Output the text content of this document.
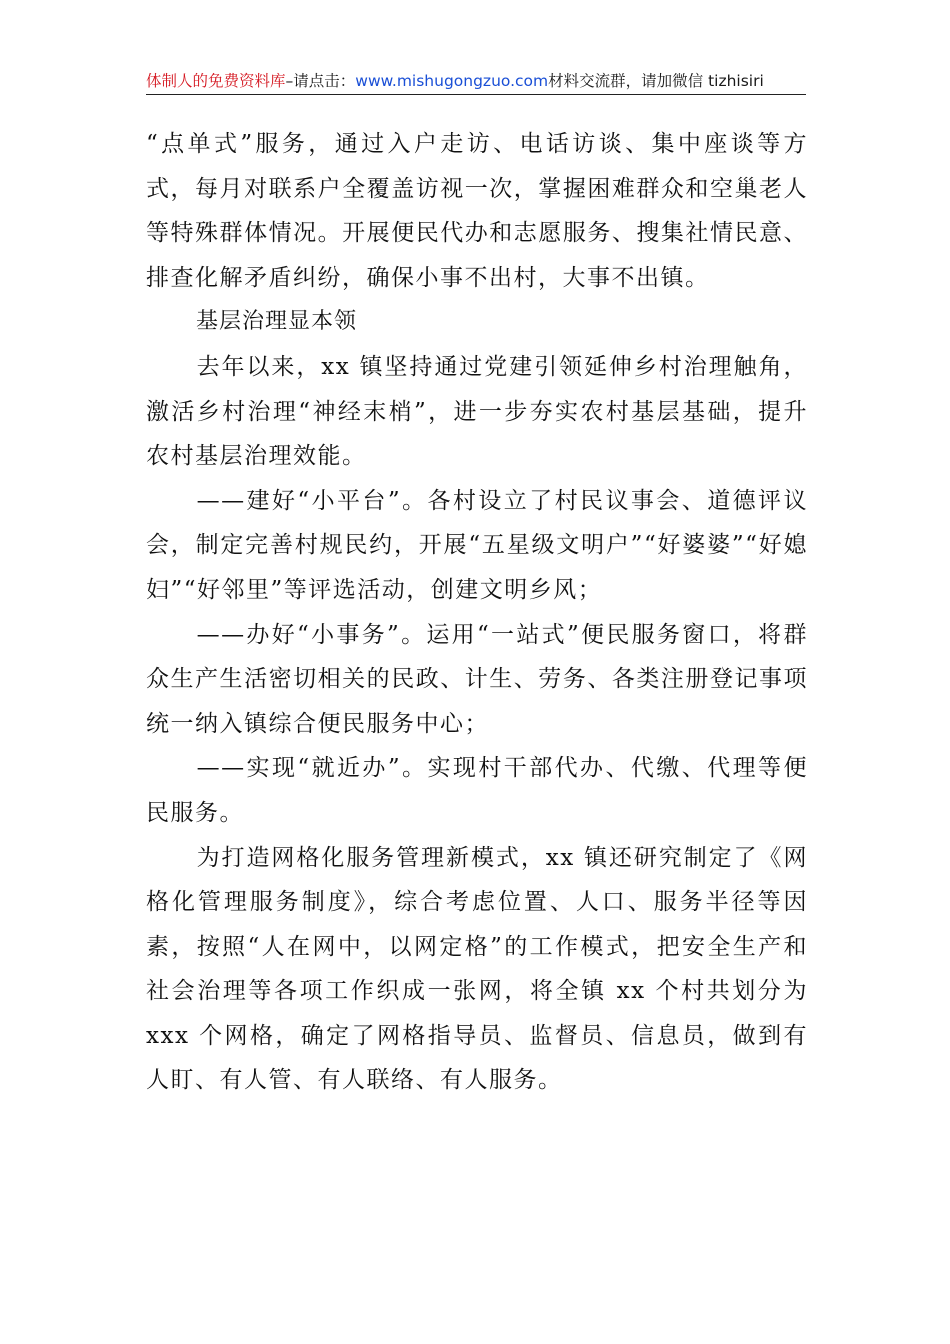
体制人的免费资料库–请点击：www.mishugongzuo.com材料交流群，请加微信 tizhisiri

“点单式”服务，通过入户走访、电话访谈、集中座谈等方式，每月对联系户全覆盖访视一次，掌握困难群众和空巢老人等特殊群体情况。开展便民代办和志愿服务、搜集社情民意、排查化解矛盾纠纷，确保小事不出村，大事不出镇。

基层治理显本领

去年以来，xx 镇坚持通过党建引领延伸乡村治理触角，激活乡村治理“神经末梢”，进一步夯实农村基层基础，提升农村基层治理效能。

——建好“小平台”。各村设立了村民议事会、道德评议会，制定完善村规民约，开展“五星级文明户”“好婆婆”“好媳妇”“好邻里”等评选活动，创建文明乡风；

——办好“小事务”。运用“一站式”便民服务窗口，将群众生产生活密切相关的民政、计生、劳务、各类注册登记事项统一纳入镇综合便民服务中心；

——实现“就近办”。实现村干部代办、代缴、代理等便民服务。

为打造网格化服务管理新模式，xx 镇还研究制定了《网格化管理服务制度》，综合考虑位置、人口、服务半径等因素，按照“人在网中，以网定格”的工作模式，把安全生产和社会治理等各项工作织成一张网，将全镇 xx 个村共划分为 xxx 个网格，确定了网格指导员、监督员、信息员，做到有人盯、有人管、有人联络、有人服务。
